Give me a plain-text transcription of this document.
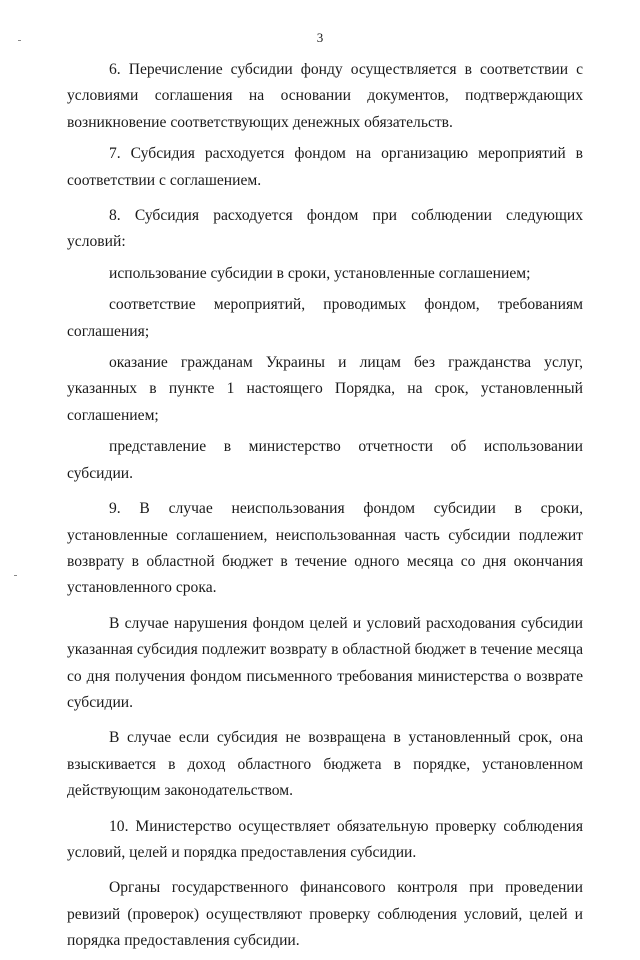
3

6. Перечисление субсидии фонду осуществляется в соответствии с условиями соглашения на основании документов, подтверждающих возникновение соответствующих денежных обязательств.

7. Субсидия расходуется фондом на организацию мероприятий в соответствии с соглашением.

8. Субсидия расходуется фондом при соблюдении следующих условий:

использование субсидии в сроки, установленные соглашением;

соответствие мероприятий, проводимых фондом, требованиям соглашения;

оказание гражданам Украины и лицам без гражданства услуг, указанных в пункте 1 настоящего Порядка, на срок, установленный соглашением;

представление в министерство отчетности об использовании субсидии.

9. В случае неиспользования фондом субсидии в сроки, установленные соглашением, неиспользованная часть субсидии подлежит возврату в областной бюджет в течение одного месяца со дня окончания установленного срока.

В случае нарушения фондом целей и условий расходования субсидии указанная субсидия подлежит возврату в областной бюджет в течение месяца со дня получения фондом письменного требования министерства о возврате субсидии.

В случае если субсидия не возвращена в установленный срок, она взыскивается в доход областного бюджета в порядке, установленном действующим законодательством.

10. Министерство осуществляет обязательную проверку соблюдения условий, целей и порядка предоставления субсидии.

Органы государственного финансового контроля при проведении ревизий (проверок) осуществляют проверку соблюдения условий, целей и порядка предоставления субсидии.
